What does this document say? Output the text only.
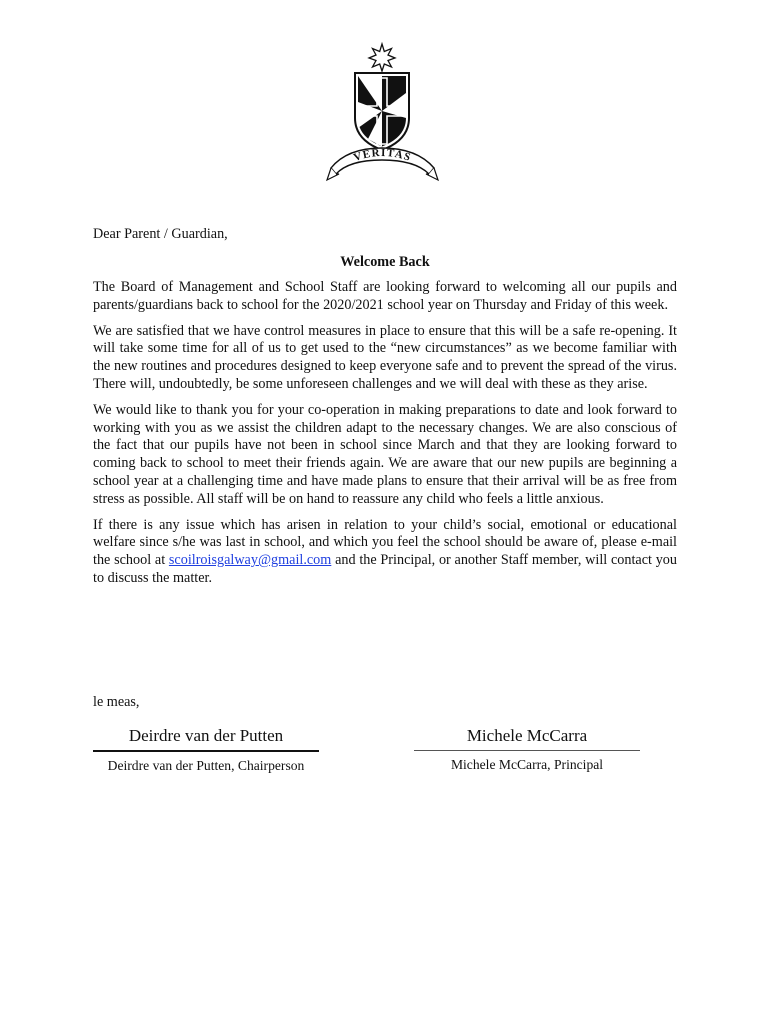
VERITAS
Dear Parent / Guardian,
Welcome Back

The Board of Management and School Staff are looking forward to welcoming all our pupils and parents/guardians back to school for the 2020/2021 school year on Thursday and Friday of this week.

We are satisfied that we have control measures in place to ensure that this will be a safe re-opening. It will take some time for all of us to get used to the “new circumstances” as we become familiar with the new routines and procedures designed to keep everyone safe and to prevent the spread of the virus. There will, undoubtedly, be some unforeseen challenges and we will deal with these as they arise.

We would like to thank you for your co-operation in making preparations to date and look forward to working with you as we assist the children adapt to the necessary changes. We are also conscious of the fact that our pupils have not been in school since March and that they are looking forward to coming back to school to meet their friends again. We are aware that our new pupils are beginning a school year at a challenging time and have made plans to ensure that their arrival will be as free from stress as possible. All staff will be on hand to reassure any child who feels a little anxious.

If there is any issue which has arisen in relation to your child’s social, emotional or educational welfare since s/he was last in school, and which you feel the school should be aware of, please e-mail the school at scoilroisgalway@gmail.com and the Principal, or another Staff member, will contact you to discuss the matter.

le meas,
Deirdre van der Putten
Deirdre van der Putten, Chairperson
Michele McCarra
Michele McCarra, Principal
